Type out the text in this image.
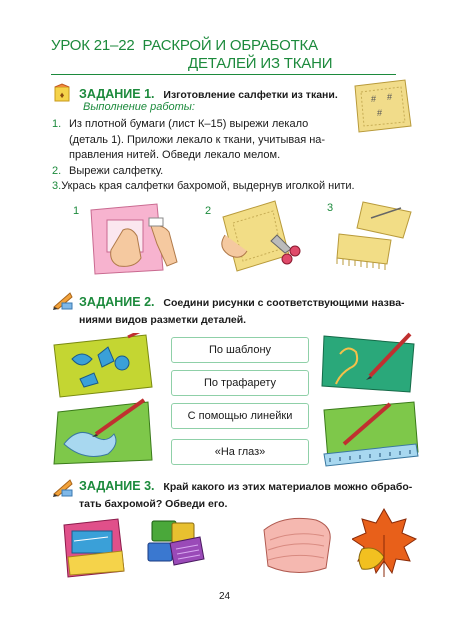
УРОК 21–22 РАСКРОЙ И ОБРАБОТКА
ДЕТАЛЕЙ ИЗ ТКАНИ
♦ ЗАДАНИЕ 1. Изготовление салфетки из ткани.
Выполнение работы:
# #
#
1. Из плотной бумаги (лист К–15) вырежи лекало
(деталь 1). Приложи лекало к ткани, учитывая на-
правления нитей. Обведи лекало мелом.
2. Вырежи салфетку.
3. Укрась края салфетки бахромой, выдернув иголкой нити.
1	2	3
ЗАДАНИЕ 2. Соедини рисунки с соответствующими назва-
ниями видов разметки деталей.
По шаблону
По трафарету
С помощью линейки
«На глаз»
ЗАДАНИЕ 3. Край какого из этих материалов можно обрабо-
тать бахромой? Обведи его.
24
